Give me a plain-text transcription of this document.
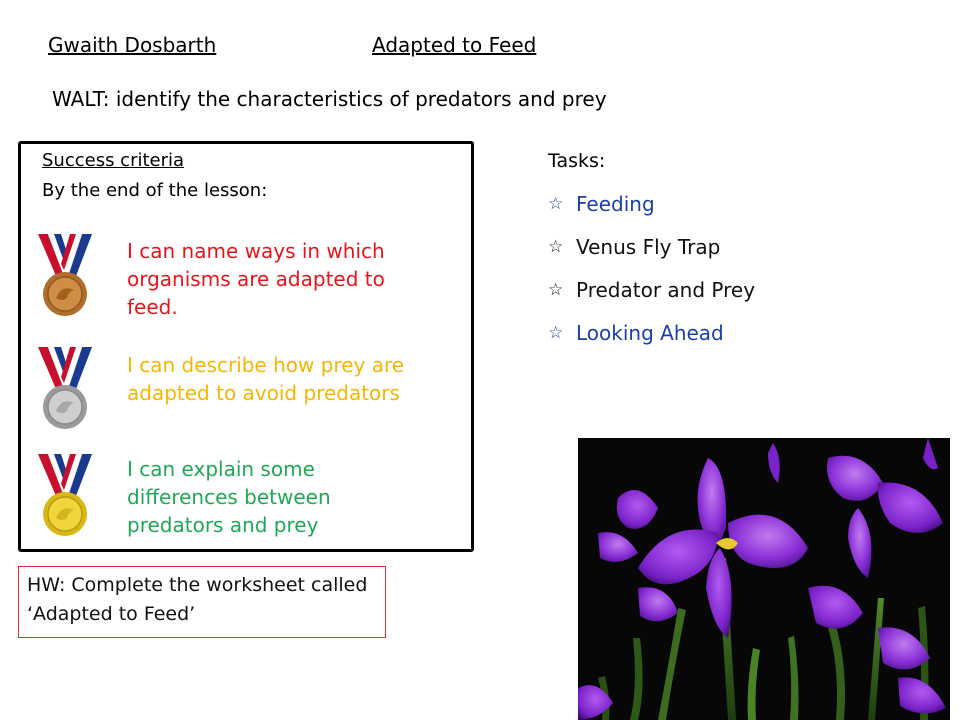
Gwaith Dosbarth	Adapted to Feed
WALT: identify the characteristics of predators and prey
Success criteria
By the end of the lesson:
I can name ways in which organisms are adapted to feed.
I can describe how prey are adapted to avoid predators
I can explain some differences between predators and prey
HW: Complete the worksheet called ‘Adapted to Feed’
Tasks:
☆ Feeding
☆ Venus Fly Trap
☆ Predator and Prey
☆ Looking Ahead
